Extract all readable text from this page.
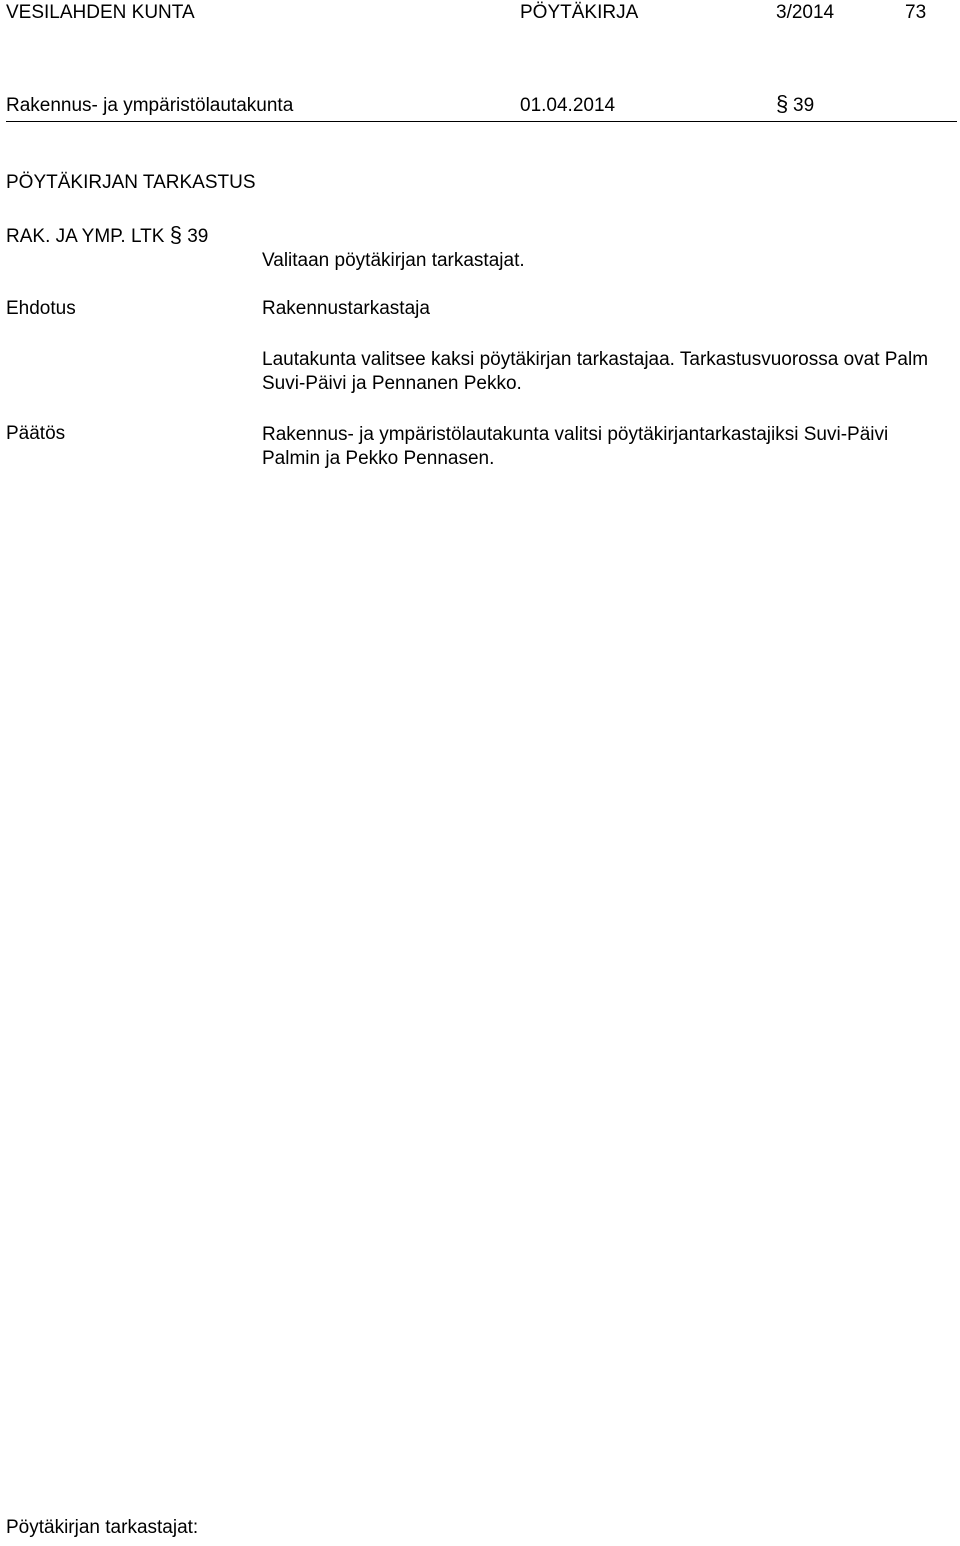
VESILAHDEN KUNTA	PÖYTÄKIRJA	3/2014	73
Rakennus- ja ympäristölautakunta	01.04.2014	§ 39
PÖYTÄKIRJAN TARKASTUS
RAK. JA YMP. LTK § 39
Valitaan pöytäkirjan tarkastajat.
Ehdotus	Rakennustarkastaja
Lautakunta valitsee kaksi pöytäkirjan tarkastajaa. Tarkastusvuorossa ovat Palm Suvi-Päivi ja Pennanen Pekko.
Päätös	Rakennus- ja ympäristölautakunta valitsi pöytäkirjantarkastajiksi Suvi-Päivi Palmin ja Pekko Pennasen.
Pöytäkirjan tarkastajat:
